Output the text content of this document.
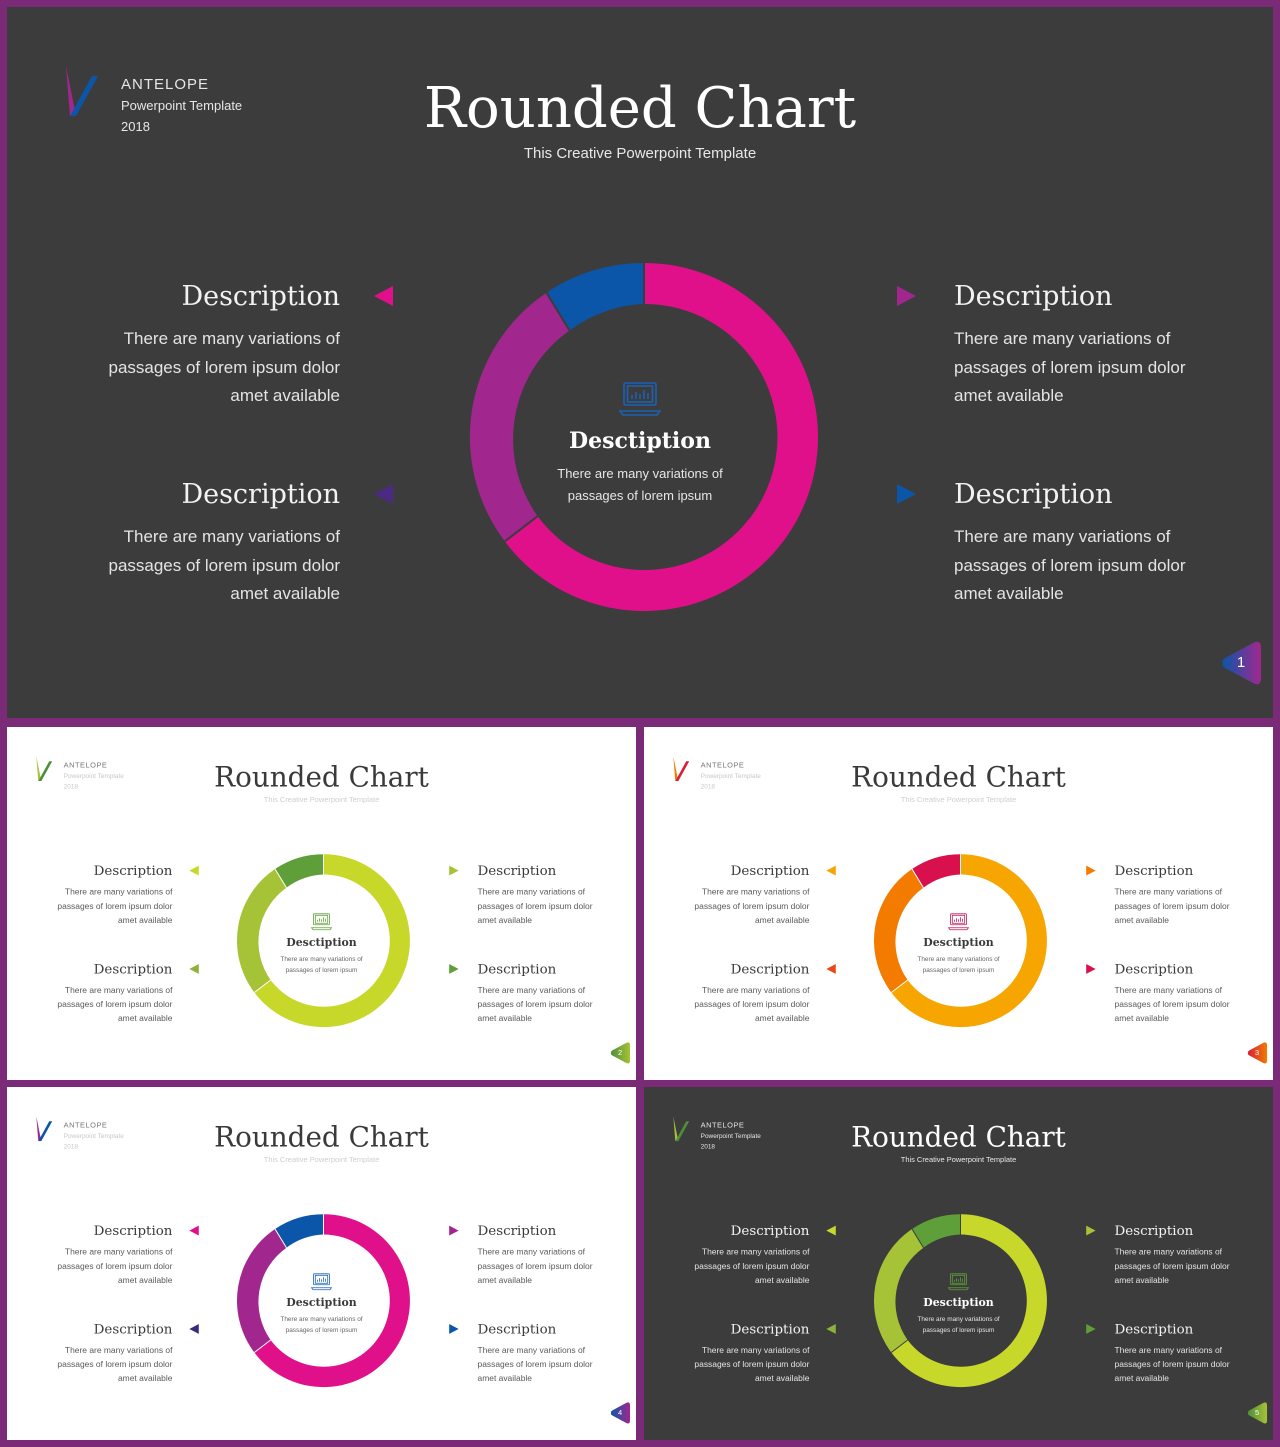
ANTELOPE
Powerpoint Template
2018	Rounded Chart
This Creative Powerpoint Template
Description
There are many variations of
passages of lorem ipsum dolor
amet available
Description
There are many variations of
passages of lorem ipsum dolor
amet available
Description
There are many variations of
passages of lorem ipsum dolor
amet available
Description
There are many variations of
passages of lorem ipsum dolor
amet available
Desctiption
There are many variations of
passages of lorem ipsum
1
ANTELOPE
Powerpoint Template
2018	Rounded Chart
This Creative Powerpoint Template
Description
There are many variations of
passages of lorem ipsum dolor
amet available
Description
There are many variations of
passages of lorem ipsum dolor
amet available
Description
There are many variations of
passages of lorem ipsum dolor
amet available
Description
There are many variations of
passages of lorem ipsum dolor
amet available
Desctiption
There are many variations of
passages of lorem ipsum
2
ANTELOPE
Powerpoint Template
2018	Rounded Chart
This Creative Powerpoint Template
Description
There are many variations of
passages of lorem ipsum dolor
amet available
Description
There are many variations of
passages of lorem ipsum dolor
amet available
Description
There are many variations of
passages of lorem ipsum dolor
amet available
Description
There are many variations of
passages of lorem ipsum dolor
amet available
Desctiption
There are many variations of
passages of lorem ipsum
3
ANTELOPE
Powerpoint Template
2018	Rounded Chart
This Creative Powerpoint Template
Description
There are many variations of
passages of lorem ipsum dolor
amet available
Description
There are many variations of
passages of lorem ipsum dolor
amet available
Description
There are many variations of
passages of lorem ipsum dolor
amet available
Description
There are many variations of
passages of lorem ipsum dolor
amet available
Desctiption
There are many variations of
passages of lorem ipsum
4
ANTELOPE
Powerpoint Template
2018	Rounded Chart
This Creative Powerpoint Template
Description
There are many variations of
passages of lorem ipsum dolor
amet available
Description
There are many variations of
passages of lorem ipsum dolor
amet available
Description
There are many variations of
passages of lorem ipsum dolor
amet available
Description
There are many variations of
passages of lorem ipsum dolor
amet available
Desctiption
There are many variations of
passages of lorem ipsum
5
